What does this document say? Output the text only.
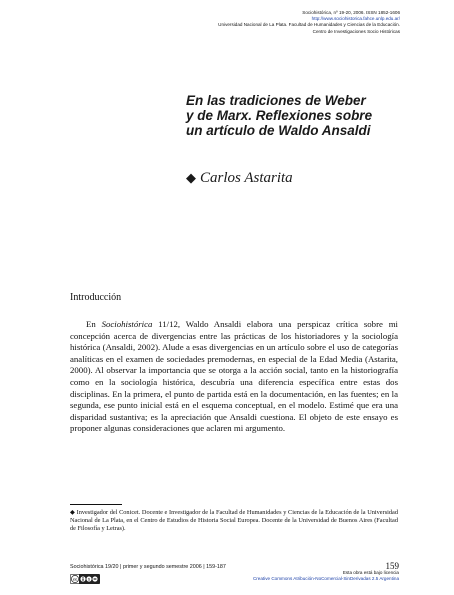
Sociohistórica, nº 19-20, 2006. ISSN 1852-1606
http://www.sociohistorica.fahce.unlp.edu.ar/
Universidad Nacional de La Plata. Facultad de Humanidades y Ciencias de la Educación.
Centro de Investigaciones Socio Históricas
En las tradiciones de Weber
y de Marx. Reflexiones sobre
un artículo de Waldo Ansaldi
◆ Carlos Astarita
Introducción
En Sociohistórica 11/12, Waldo Ansaldi elabora una perspicaz crítica sobre mi concepción acerca de divergencias entre las prácticas de los historiadores y la sociología histórica (Ansaldi, 2002). Alude a esas divergencias en un artículo sobre el uso de categorías analíticas en el examen de sociedades premodernas, en especial de la Edad Media (Astarita, 2000). Al observar la importancia que se otorga a la acción social, tanto en la historiografía como en la sociología histórica, descubría una diferencia específica entre estas dos disciplinas. En la primera, el punto de partida está en la documentación, en las fuentes; en la segunda, ese punto inicial está en el esquema conceptual, en el modelo. Estimé que era una disparidad sustantiva; es la apreciación que Ansaldi cuestiona. El objeto de este ensayo es proponer algunas consideraciones que aclaren mi argumento.
◆ Investigador del Conicet. Docente e Investigador de la Facultad de Humanidades y Ciencias de la Educación de la Universidad Nacional de La Plata, en el Centro de Estudios de Historia Social Europea. Docente de la Universidad de Buenos Aires (Facultad de Filosofía y Letras).
159
Sociohistórica 19/20 | primer y segundo semestre 2006 | 159-187
cc	$
Esta obra está bajo licencia
Creative Commons Atribución-NoComercial-SinDerivadas 2.5 Argentina
